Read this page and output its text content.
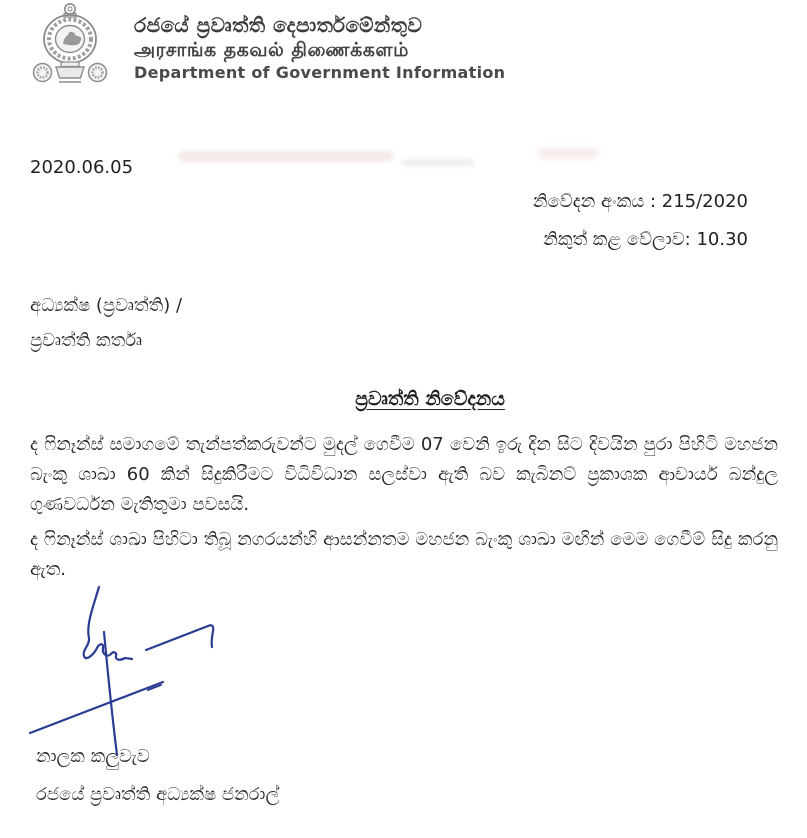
රජයේ ප්‍රවෘත්ති දෙපාර්තමේන්තුව
அரசாங்க தகவல் திணைக்களம்
Department of Government Information
2020.06.05
නිවේදන අංකය : 215/2020
නිකුත් කළ වේලාව: 10.30
අධ්‍යක්ෂ (ප්‍රවෘත්ති) /
ප්‍රවෘත්ති කර්තෘ
ප්‍රවෘත්ති නිවේදනය
ද ෆිනෑන්ස් සමාගමේ තැන්පත්කරුවන්ට මුදල් ගෙවීම 07 වෙනි ඉරු දින සිට දිවයින පුරා පිහිටි මහජන බැංකු ශාඛා 60 කින් සිදුකිරීමට විධිවිධාන සලස්වා ඇති බව කැබිනට් ප්‍රකාශක ආචාර්ය බන්දුල ගුණවර්ධන මැතිතුමා පවසයි.
ද ෆිනෑන්ස් ශාඛා පිහිටා තිබූ නගරයන්හි ආසන්නතම මහජන බැංකු ශාඛා මඟින් මෙම ගෙවීම් සිදු කරනු ඇත.
නාලක කලුවැව
රජයේ ප්‍රවෘත්ති අධ්‍යක්ෂ ජනරාල්
